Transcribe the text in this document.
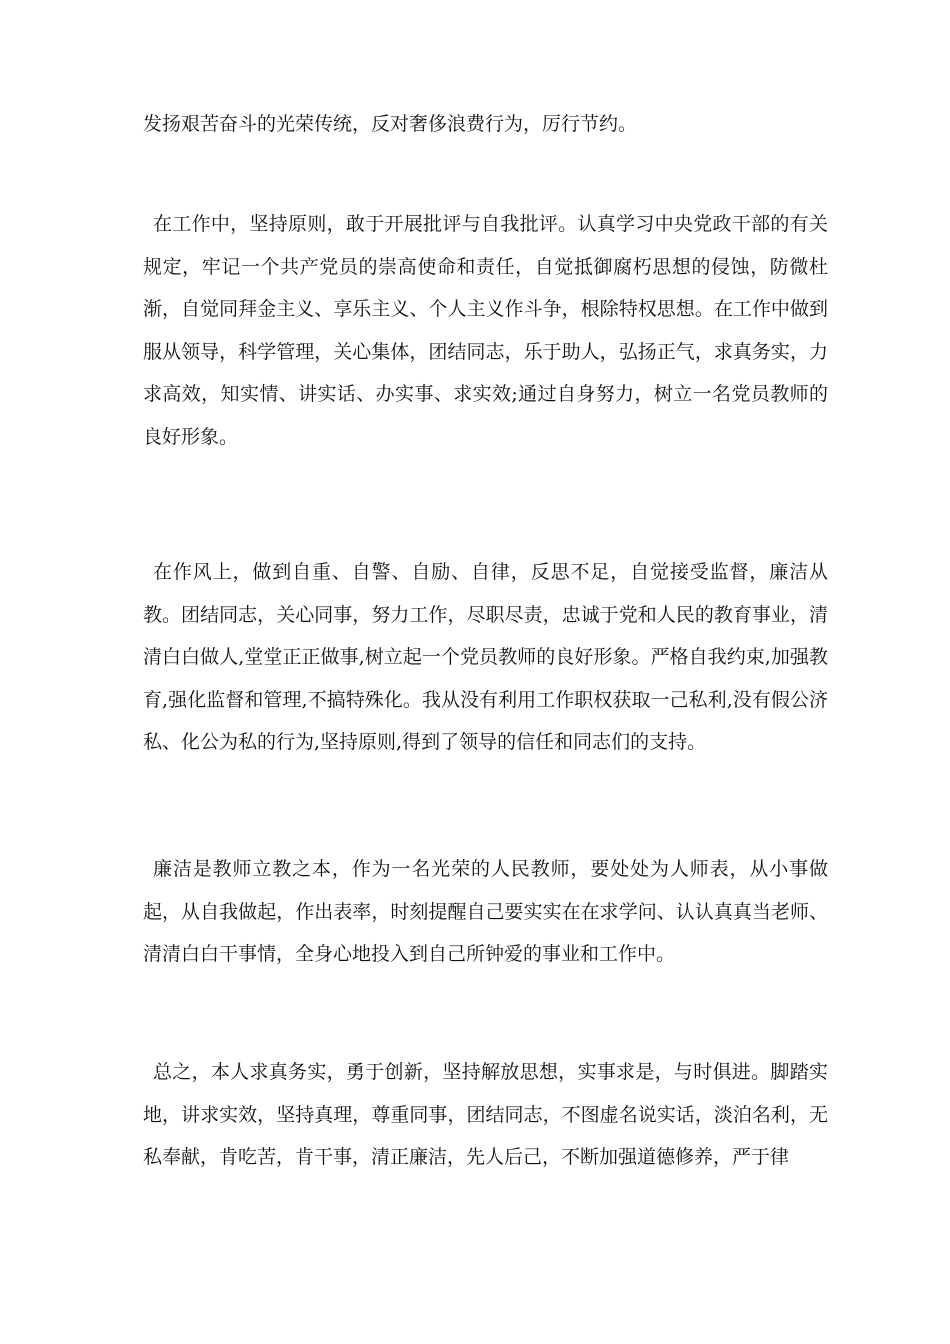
发扬艰苦奋斗的光荣传统，反对奢侈浪费行为，厉行节约。

在工作中，坚持原则，敢于开展批评与自我批评。认真学习中央党政干部的有关规定，牢记一个共产党员的崇高使命和责任，自觉抵御腐朽思想的侵蚀，防微杜渐，自觉同拜金主义、享乐主义、个人主义作斗争，根除特权思想。在工作中做到服从领导，科学管理，关心集体，团结同志，乐于助人，弘扬正气，求真务实，力求高效，知实情、讲实话、办实事、求实效;通过自身努力，树立一名党员教师的良好形象。

在作风上，做到自重、自警、自励、自律，反思不足，自觉接受监督，廉洁从教。团结同志，关心同事，努力工作，尽职尽责，忠诚于党和人民的教育事业，清清白白做人,堂堂正正做事,树立起一个党员教师的良好形象。严格自我约束,加强教育,强化监督和管理,不搞特殊化。我从没有利用工作职权获取一己私利,没有假公济私、化公为私的行为,坚持原则,得到了领导的信任和同志们的支持。

廉洁是教师立教之本，作为一名光荣的人民教师，要处处为人师表，从小事做起，从自我做起，作出表率，时刻提醒自己要实实在在求学问、认认真真当老师、清清白白干事情，全身心地投入到自己所钟爱的事业和工作中。

总之，本人求真务实，勇于创新，坚持解放思想，实事求是，与时俱进。脚踏实地，讲求实效，坚持真理，尊重同事，团结同志，不图虚名说实话，淡泊名利，无私奉献，肯吃苦，肯干事，清正廉洁，先人后己，不断加强道德修养，严于律
